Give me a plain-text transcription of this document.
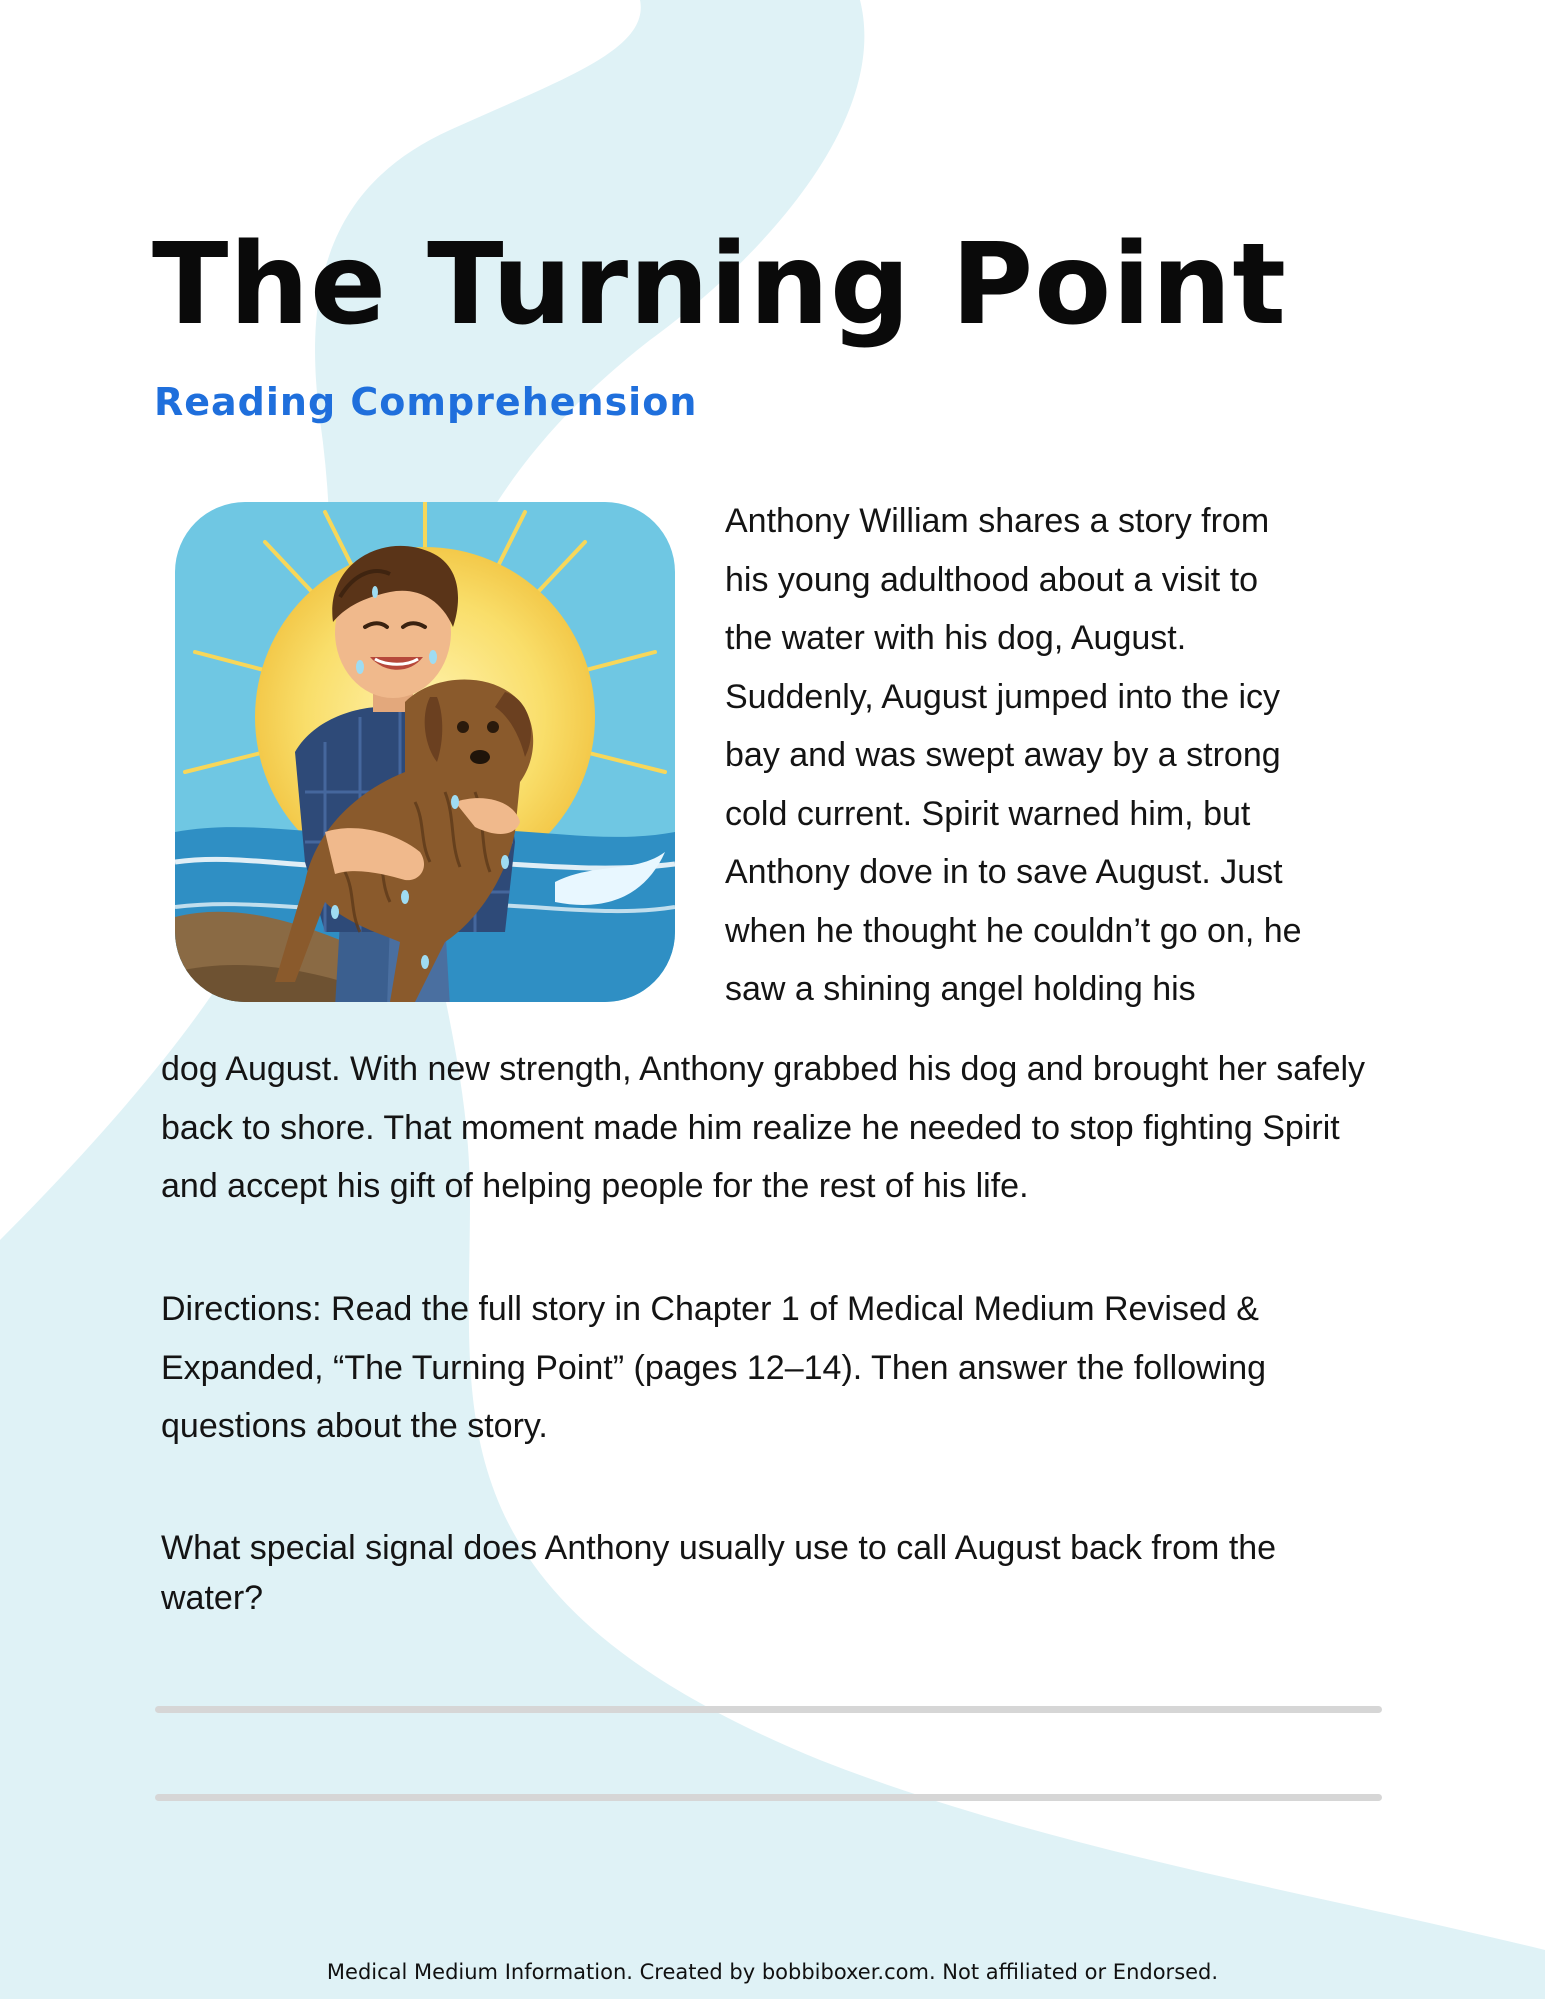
The Turning Point
Reading Comprehension

Anthony William shares a story from his young adulthood about a visit to the water with his dog, August. Suddenly, August jumped into the icy bay and was swept away by a strong cold current. Spirit warned him, but Anthony dove in to save August. Just when he thought he couldn’t go on, he saw a shining angel holding his

dog August. With new strength, Anthony grabbed his dog and brought her safely back to shore. That moment made him realize he needed to stop fighting Spirit and accept his gift of helping people for the rest of his life.

Directions: Read the full story in Chapter 1 of Medical Medium Revised & Expanded, “The Turning Point” (pages 12–14). Then answer the following questions about the story.

What special signal does Anthony usually use to call August back from the water?

Medical Medium Information. Created by bobbiboxer.com. Not affiliated or Endorsed.
